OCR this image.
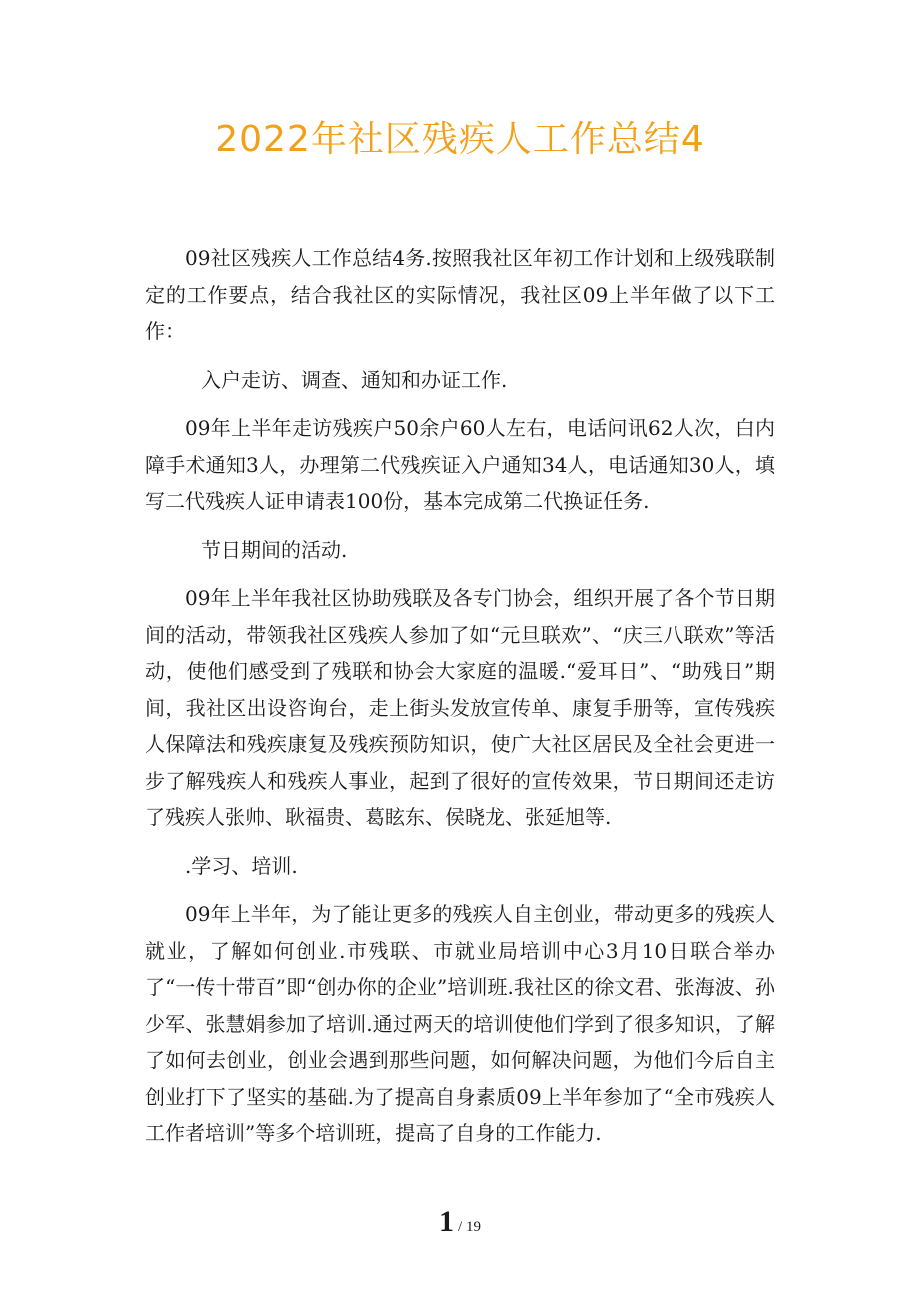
2022年社区残疾人工作总结4

09社区残疾人工作总结4务.按照我社区年初工作计划和上级残联制定的工作要点，结合我社区的实际情况，我社区09上半年做了以下工作：

入户走访、调查、通知和办证工作.

09年上半年走访残疾户50余户60人左右，电话问讯62人次，白内障手术通知3人，办理第二代残疾证入户通知34人，电话通知30人，填写二代残疾人证申请表100份，基本完成第二代换证任务.

节日期间的活动.

09年上半年我社区协助残联及各专门协会，组织开展了各个节日期间的活动，带领我社区残疾人参加了如“元旦联欢”、“庆三八联欢”等活动，使他们感受到了残联和协会大家庭的温暖.“爱耳日”、“助残日”期间，我社区出设咨询台，走上街头发放宣传单、康复手册等，宣传残疾人保障法和残疾康复及残疾预防知识，使广大社区居民及全社会更进一步了解残疾人和残疾人事业，起到了很好的宣传效果，节日期间还走访了残疾人张帅、耿福贵、葛眩东、侯晓龙、张延旭等.

.学习、培训.

09年上半年，为了能让更多的残疾人自主创业，带动更多的残疾人就业，了解如何创业.市残联、市就业局培训中心3月10日联合举办了“一传十带百”即“创办你的企业”培训班.我社区的徐文君、张海波、孙少军、张慧娟参加了培训.通过两天的培训使他们学到了很多知识，了解了如何去创业，创业会遇到那些问题，如何解决问题，为他们今后自主创业打下了坚实的基础.为了提高自身素质09上半年参加了“全市残疾人工作者培训”等多个培训班，提高了自身的工作能力.

1 / 19
